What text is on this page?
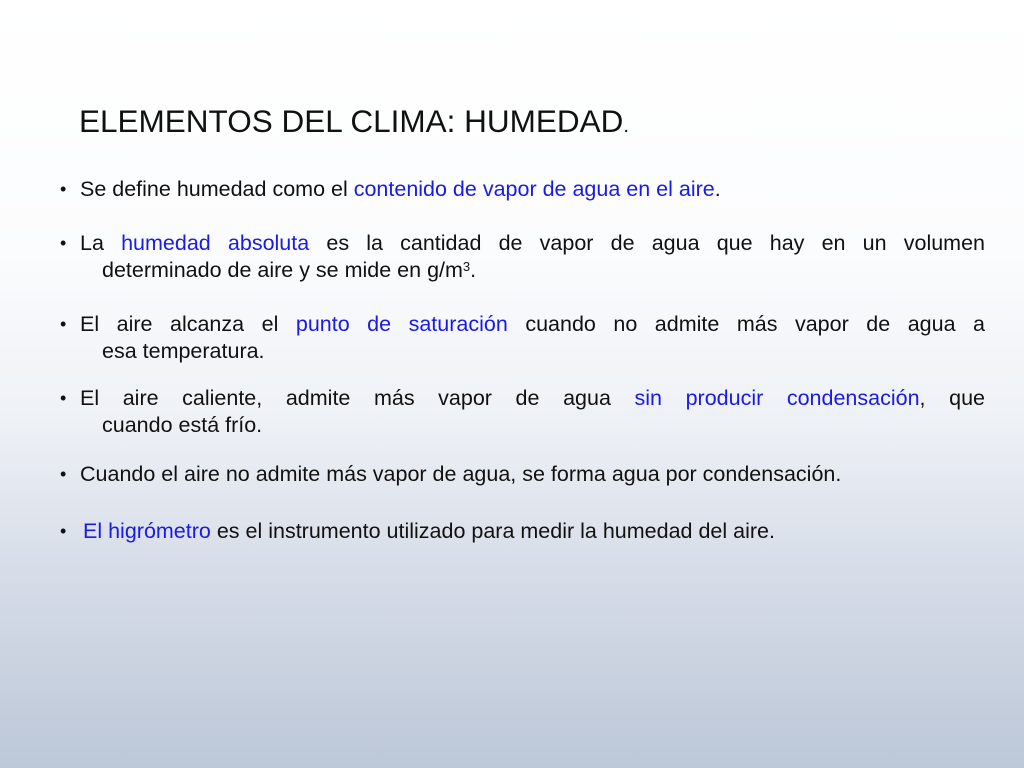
ELEMENTOS DEL CLIMA: HUMEDAD.
• Se define humedad como el contenido de vapor de agua en el aire.
• La humedad absoluta es la cantidad de vapor de agua que hay en un volumen
determinado de aire y se mide en $g/m^3$.
• El aire alcanza el punto de saturación cuando no admite más vapor de agua a
esa temperatura.
• El aire caliente, admite más vapor de agua sin producir condensación, que
cuando está frío.
• Cuando el aire no admite más vapor de agua, se forma agua por condensación.
• El higrómetro es el instrumento utilizado para medir la humedad del aire.
